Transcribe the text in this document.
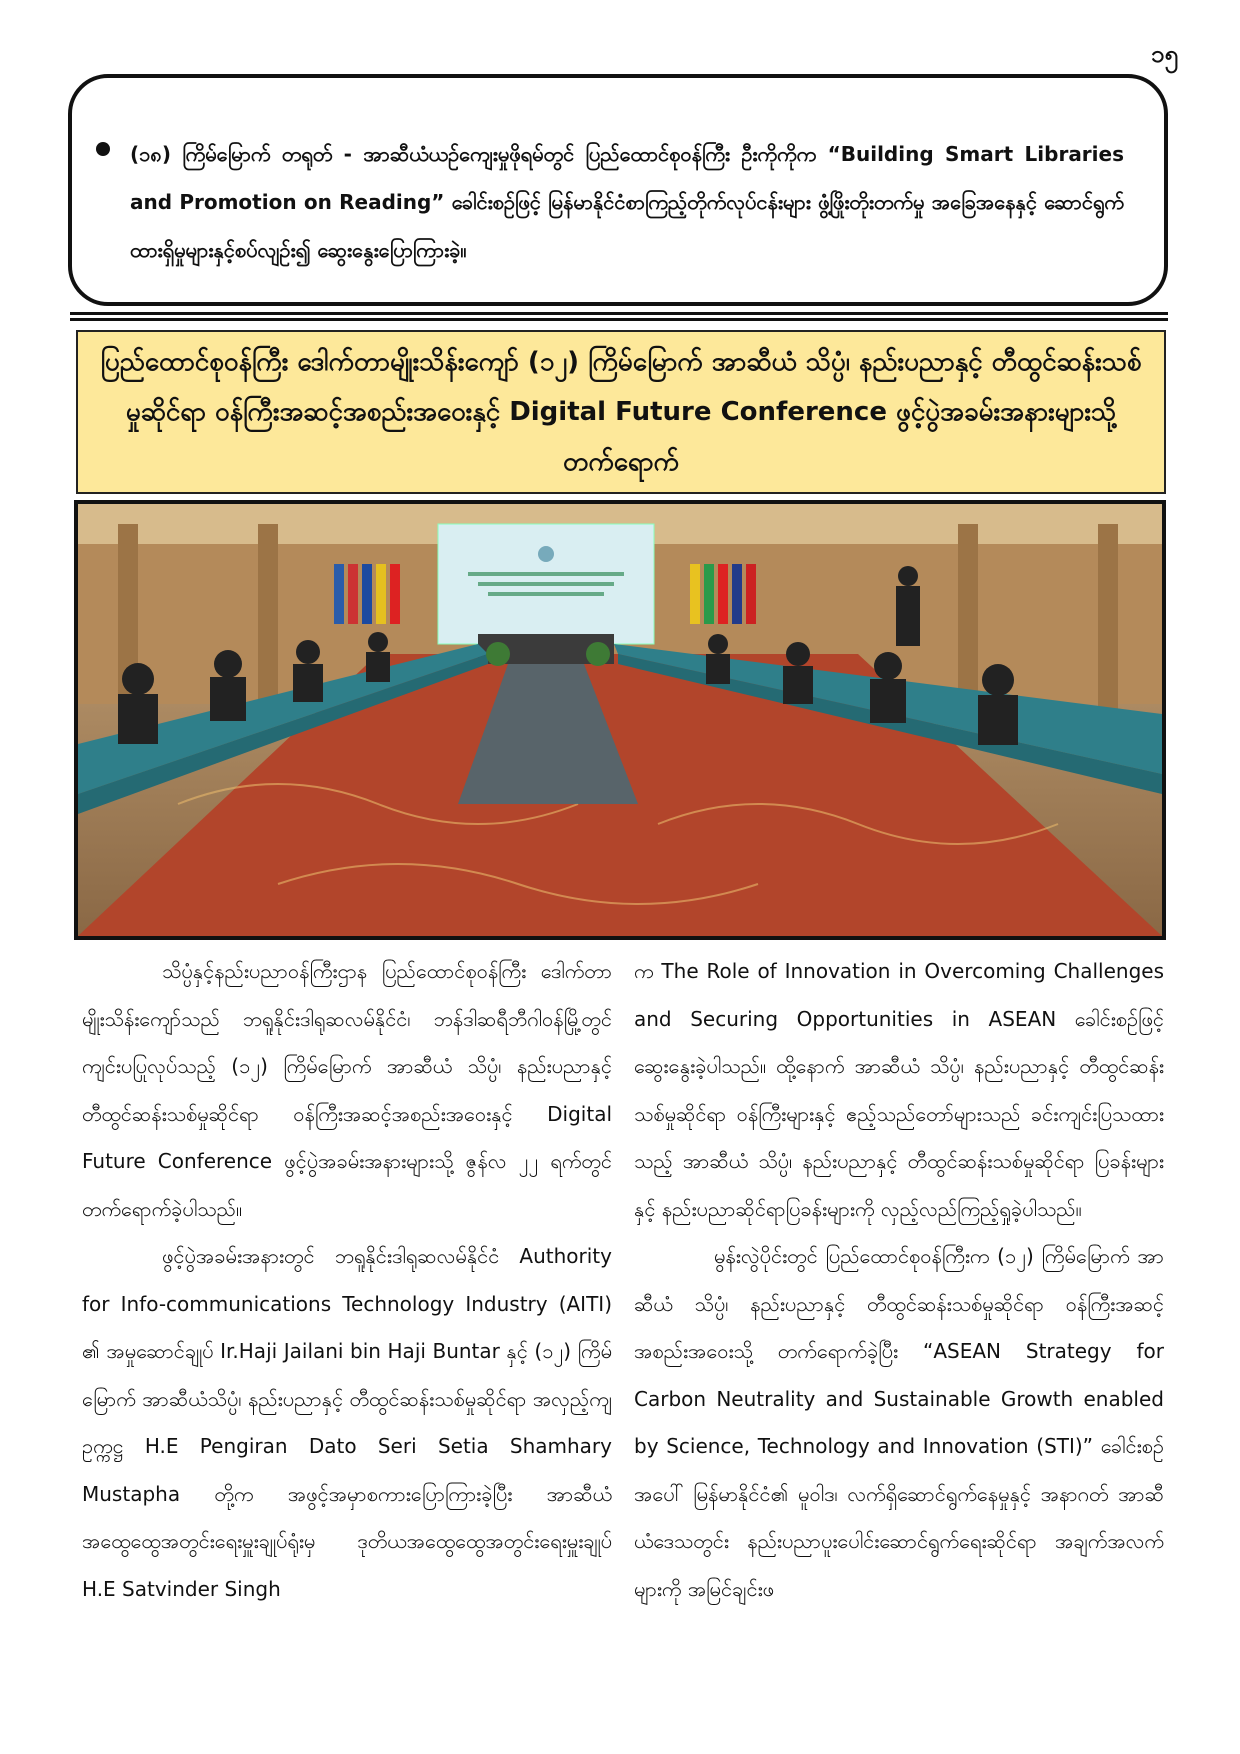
၁၅
(၁၈) ကြိမ်မြောက် တရုတ် - အာဆီယံယဉ်ကျေးမှုဖိုရမ်တွင် ပြည်ထောင်စုဝန်ကြီး ဦးကိုကိုက “Building Smart Libraries and Promotion on Reading” ခေါင်းစဉ်ဖြင့် မြန်မာနိုင်ငံစာကြည့်တိုက်လုပ်ငန်းများ ဖွံ့ဖြိုးတိုးတက်မှု အခြေအနေနှင့် ဆောင်ရွက်ထားရှိမှုများနှင့်စပ်လျဉ်း၍ ဆွေးနွေးပြောကြားခဲ့။
ပြည်ထောင်စုဝန်ကြီး ဒေါက်တာမျိုးသိန်းကျော် (၁၂) ကြိမ်မြောက် အာဆီယံ သိပ္ပံ၊ နည်းပညာနှင့် တီထွင်ဆန်းသစ်မှုဆိုင်ရာ ဝန်ကြီးအဆင့်အစည်းအဝေးနှင့် Digital Future Conference ဖွင့်ပွဲအခမ်းအနားများသို့ တက်ရောက်

သိပ္ပံနှင့်နည်းပညာဝန်ကြီးဌာန ပြည်ထောင်စုဝန်ကြီး ဒေါက်တာမျိုးသိန်းကျော်သည် ဘရူနိုင်းဒါရုဆလမ်နိုင်ငံ၊ ဘန်ဒါဆရီဘီဂါဝန်မြို့တွင် ကျင်းပပြုလုပ်သည့် (၁၂) ကြိမ်မြောက် အာဆီယံ သိပ္ပံ၊ နည်းပညာနှင့် တီထွင်ဆန်းသစ်မှုဆိုင်ရာ ဝန်ကြီးအဆင့်အစည်းအဝေးနှင့် Digital Future Conference ဖွင့်ပွဲအခမ်းအနားများသို့ ဇွန်လ ၂၂ ရက်တွင် တက်ရောက်ခဲ့ပါသည်။

ဖွင့်ပွဲအခမ်းအနားတွင် ဘရူနိုင်းဒါရုဆလမ်နိုင်ငံ Authority for Info-communications Technology Industry (AITI) ၏ အမှုဆောင်ချုပ် Ir.Haji Jailani bin Haji Buntar နှင့် (၁၂) ကြိမ်မြောက် အာဆီယံသိပ္ပံ၊ နည်းပညာနှင့် တီထွင်ဆန်းသစ်မှုဆိုင်ရာ အလှည့်ကျ ဥက္ကဋ္ဌ H.E Pengiran Dato Seri Setia Shamhary Mustapha တို့က အဖွင့်အမှာစကားပြောကြားခဲ့ပြီး အာဆီယံအထွေထွေအတွင်းရေးမှူးချုပ်ရုံးမှ ဒုတိယအထွေထွေအတွင်းရေးမှူးချုပ် H.E Satvinder Singh

က The Role of Innovation in Overcoming Challenges and Securing Opportunities in ASEAN ခေါင်းစဉ်ဖြင့် ဆွေးနွေးခဲ့ပါသည်။ ထို့နောက် အာဆီယံ သိပ္ပံ၊ နည်းပညာနှင့် တီထွင်ဆန်းသစ်မှုဆိုင်ရာ ဝန်ကြီးများနှင့် ဧည့်သည်တော်များသည် ခင်းကျင်းပြသထားသည့် အာဆီယံ သိပ္ပံ၊ နည်းပညာနှင့် တီထွင်ဆန်းသစ်မှုဆိုင်ရာ ပြခန်းများနှင့် နည်းပညာဆိုင်ရာပြခန်းများကို လှည့်လည်ကြည့်ရှုခဲ့ပါသည်။

မွန်းလွဲပိုင်းတွင် ပြည်ထောင်စုဝန်ကြီးက (၁၂) ကြိမ်မြောက် အာဆီယံ သိပ္ပံ၊ နည်းပညာနှင့် တီထွင်ဆန်းသစ်မှုဆိုင်ရာ ဝန်ကြီးအဆင့်အစည်းအဝေးသို့ တက်ရောက်ခဲ့ပြီး “ASEAN Strategy for Carbon Neutrality and Sustainable Growth enabled by Science, Technology and Innovation (STI)” ခေါင်းစဉ်အပေါ် မြန်မာနိုင်ငံ၏ မူဝါဒ၊ လက်ရှိဆောင်ရွက်နေမှုနှင့် အနာဂတ် အာဆီယံဒေသတွင်း နည်းပညာပူးပေါင်းဆောင်ရွက်ရေးဆိုင်ရာ အချက်အလက်များကို အမြင်ချင်းဖ
